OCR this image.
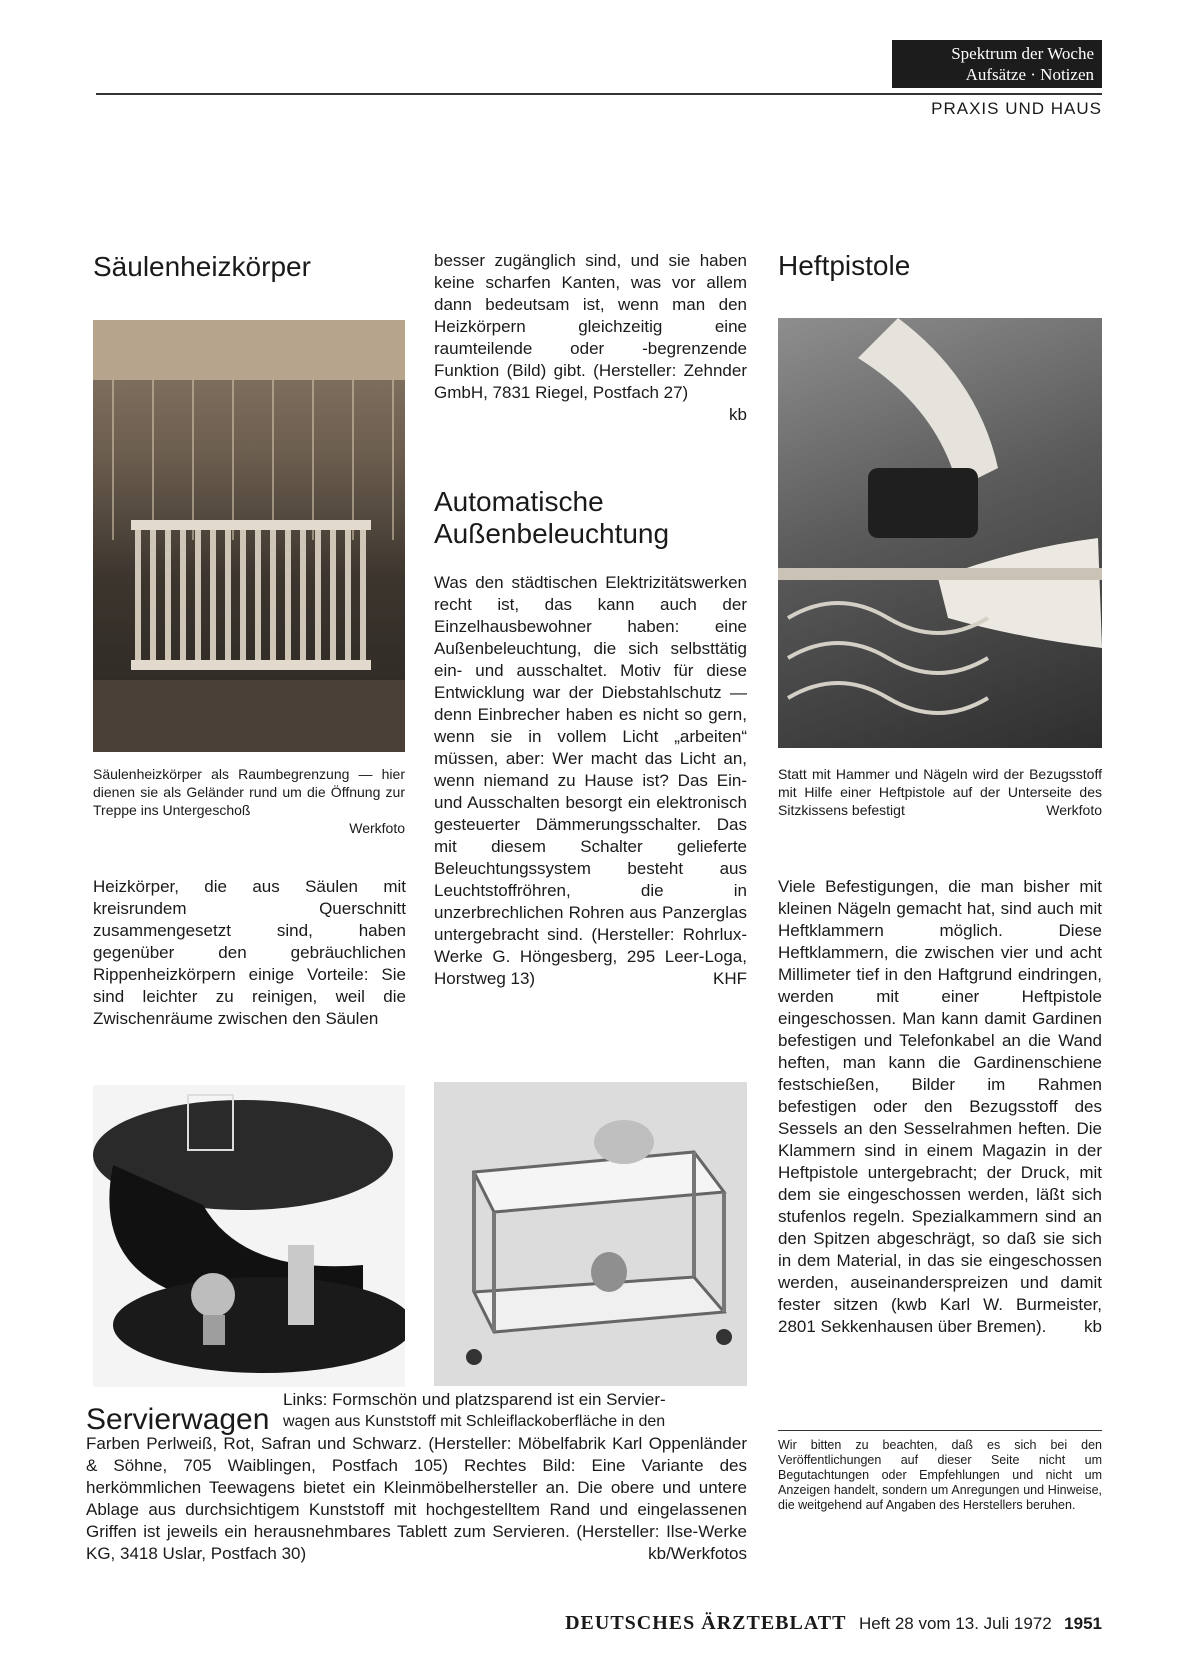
Spektrum der Woche
Aufsätze · Notizen
PRAXIS UND HAUS
Säulenheizkörper
Säulenheizkörper als Raumbegrenzung — hier dienen sie als Geländer rund um die Öffnung zur Treppe ins Untergeschoß
Werkfoto

Heizkörper, die aus Säulen mit kreisrundem Querschnitt zusammengesetzt sind, haben gegenüber den gebräuchlichen Rippenheizkörpern einige Vorteile: Sie sind leichter zu reinigen, weil die Zwischenräume zwischen den Säulen

besser zugänglich sind, und sie haben keine scharfen Kanten, was vor allem dann bedeutsam ist, wenn man den Heizkörpern gleichzeitig eine raumteilende oder -begrenzende Funktion (Bild) gibt. (Hersteller: Zehnder GmbH, 7831 Riegel, Postfach 27)
kb
Automatische
Außenbeleuchtung
Was den städtischen Elektrizitätswerken recht ist, das kann auch der Einzelhausbewohner haben: eine Außenbeleuchtung, die sich selbsttätig ein- und ausschaltet. Motiv für diese Entwicklung war der Diebstahlschutz — denn Einbrecher haben es nicht so gern, wenn sie in vollem Licht „arbeiten“ müssen, aber: Wer macht das Licht an, wenn niemand zu Hause ist? Das Ein- und Ausschalten besorgt ein elektronisch gesteuerter Dämmerungsschalter. Das mit diesem Schalter gelieferte Beleuchtungssystem besteht aus Leuchtstoffröhren, die in unzerbrechlichen Rohren aus Panzerglas untergebracht sind. (Hersteller: Rohrlux-Werke G. Höngesberg, 295 Leer-Loga, Horstweg 13)	KHF
Heftpistole
Statt mit Hammer und Nägeln wird der Bezugsstoff mit Hilfe einer Heftpistole auf der Unterseite des Sitzkissens befestigt	Werkfoto
Viele Befestigungen, die man bisher mit kleinen Nägeln gemacht hat, sind auch mit Heftklammern möglich. Diese Heftklammern, die zwischen vier und acht Millimeter tief in den Haftgrund eindringen, werden mit einer Heftpistole eingeschossen. Man kann damit Gardinen befestigen und Telefonkabel an die Wand heften, man kann die Gardinenschiene festschießen, Bilder im Rahmen befestigen oder den Bezugsstoff des Sessels an den Sesselrahmen heften. Die Klammern sind in einem Magazin in der Heftpistole untergebracht; der Druck, mit dem sie eingeschossen werden, läßt sich stufenlos regeln. Spezialkammern sind an den Spitzen abgeschrägt, so daß sie sich in dem Material, in das sie eingeschossen werden, auseinanderspreizen und damit fester sitzen (kwb Karl W. Burmeister, 2801 Sekkenhausen über Bremen).	kb
Links: Formschön und platzsparend ist ein Servier-
Servierwagen wagen aus Kunststoff mit Schleiflackoberfläche in den
Farben Perlweiß, Rot, Safran und Schwarz. (Hersteller: Möbelfabrik Karl Oppenländer & Söhne, 705 Waiblingen, Postfach 105) Rechtes Bild: Eine Variante des herkömmlichen Teewagens bietet ein Kleinmöbelhersteller an. Die obere und untere Ablage aus durchsichtigem Kunststoff mit hochgestelltem Rand und eingelassenen Griffen ist jeweils ein herausnehmbares Tablett zum Servieren. (Hersteller: Ilse-Werke KG, 3418 Uslar, Postfach 30)	kb/Werkfotos
Wir bitten zu beachten, daß es sich bei den Veröffentlichungen auf dieser Seite nicht um Begutachtungen oder Empfehlungen und nicht um Anzeigen handelt, sondern um Anregungen und Hinweise, die weitgehend auf Angaben des Herstellers beruhen.
DEUTSCHES ÄRZTEBLATT Heft 28 vom 13. Juli 1972 1951
